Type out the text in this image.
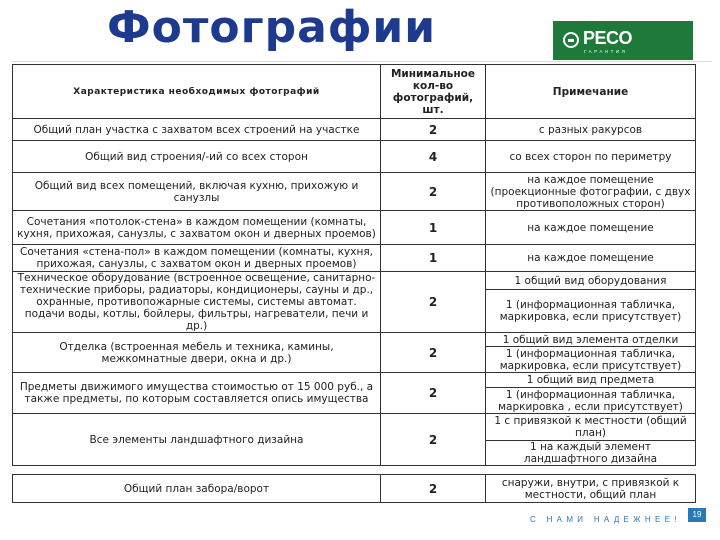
Фотографии	PECO
ГАРАНТИЯ
Характеристика необходимых фотографий	Минимальное кол-во фотографий, шт.	Примечание
Общий план участка с захватом всех строений на участке	2	с разных ракурсов
Общий вид строения/-ий со всех сторон	4	со всех сторон по периметру
Общий вид всех помещений, включая кухню, прихожую и санузлы	2	на каждое помещение (проекционные фотографии, с двух противоположных сторон)
Сочетания «потолок-стена» в каждом помещении (комнаты, кухня, прихожая, санузлы, с захватом окон и дверных проемов)	1	на каждое помещение
Сочетания «стена-пол» в каждом помещении (комнаты, кухня, прихожая, санузлы, с захватом окон и дверных проемов)	1	на каждое помещение
Техническое оборудование (встроенное освещение, санитарно-технические приборы, радиаторы, кондиционеры, сауны и др., охранные, противопожарные системы, системы автомат. подачи воды, котлы, бойлеры, фильтры, нагреватели, печи и др.)	2	1 общий вид оборудования
		1 (информационная табличка, маркировка, если присутствует)
Отделка (встроенная мебель и техника, камины, межкомнатные двери, окна и др.)	2	1 общий вид элемента отделки
		1 (информационная табличка, маркировка, если присутствует)
Предметы движимого имущества стоимостью от 15 000 руб., а также предметы, по которым составляется опись имущества	2	1 общий вид предмета
		1 (информационная табличка, маркировка , если присутствует)
Все элементы ландшафтного дизайна	2	1 с привязкой к местности (общий план)
		1 на каждый элемент ландшафтного дизайна

Общий план забора/ворот	2	снаружи, внутри, с привязкой к местности, общий план
С НАМИ НАДЕЖНЕЕ!
19
